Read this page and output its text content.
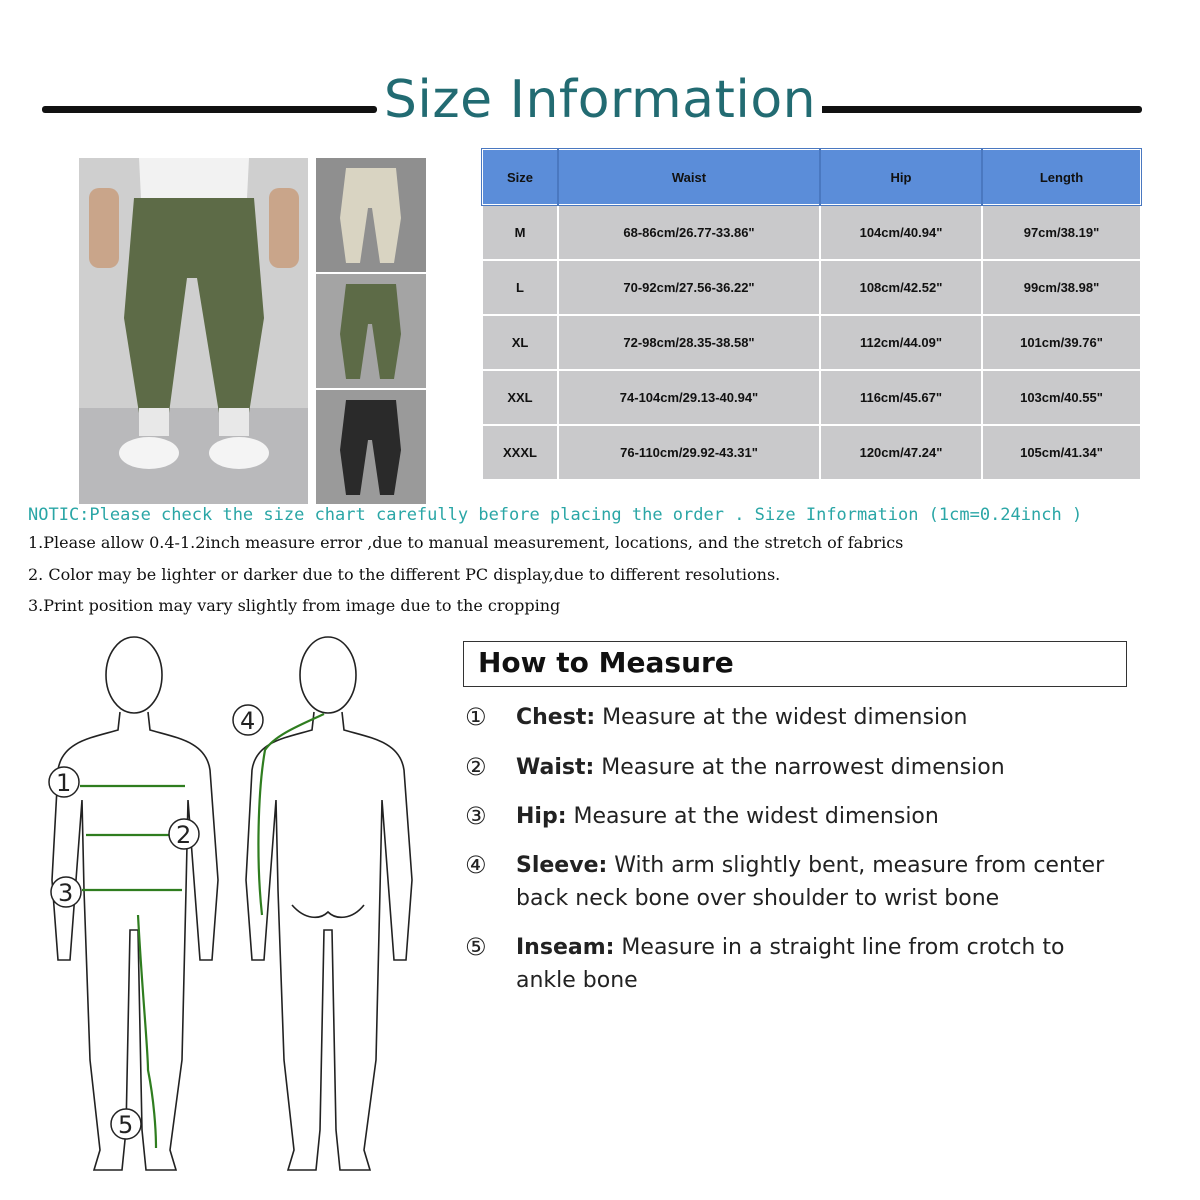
Size Information
Size	Waist	Hip	Length
M	68-86cm/26.77-33.86"	104cm/40.94"	97cm/38.19"
L	70-92cm/27.56-36.22"	108cm/42.52"	99cm/38.98"
XL	72-98cm/28.35-38.58"	112cm/44.09"	101cm/39.76"
XXL	74-104cm/29.13-40.94"	116cm/45.67"	103cm/40.55"
XXXL	76-110cm/29.92-43.31"	120cm/47.24"	105cm/41.34"
NOTIC:Please check the size chart carefully before placing the order . Size Information (1cm=0.24inch )
1.Please allow 0.4-1.2inch measure error ,due to manual measurement, locations, and the stretch of fabrics
2. Color may be lighter or darker due to the different PC display,due to different resolutions.
3.Print position may vary slightly from image due to the cropping
1
2
3
4
5
How to Measure
① Chest: Measure at the widest dimension
② Waist: Measure at the narrowest dimension
③ Hip: Measure at the widest dimension
④ Sleeve: With arm slightly bent, measure from center back neck bone over shoulder to wrist bone
⑤ Inseam: Measure in a straight line from crotch to ankle bone
